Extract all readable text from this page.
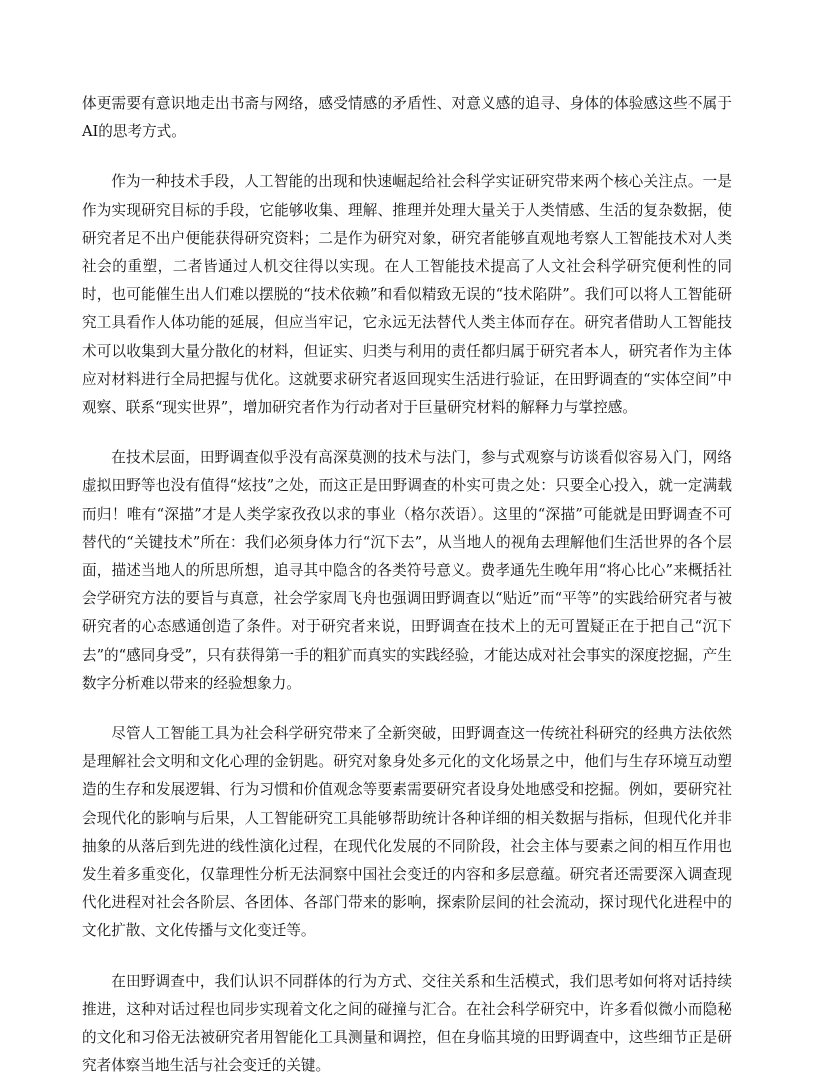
体更需要有意识地走出书斋与网络，感受情感的矛盾性、对意义感的追寻、身体的体验感这些不属于AI的思考方式。

作为一种技术手段，人工智能的出现和快速崛起给社会科学实证研究带来两个核心关注点。一是作为实现研究目标的手段，它能够收集、理解、推理并处理大量关于人类情感、生活的复杂数据，使研究者足不出户便能获得研究资料；二是作为研究对象，研究者能够直观地考察人工智能技术对人类社会的重塑，二者皆通过人机交往得以实现。在人工智能技术提高了人文社会科学研究便利性的同时，也可能催生出人们难以摆脱的“技术依赖”和看似精致无误的“技术陷阱”。我们可以将人工智能研究工具看作人体功能的延展，但应当牢记，它永远无法替代人类主体而存在。研究者借助人工智能技术可以收集到大量分散化的材料，但证实、归类与利用的责任都归属于研究者本人，研究者作为主体应对材料进行全局把握与优化。这就要求研究者返回现实生活进行验证，在田野调查的“实体空间”中观察、联系“现实世界”，增加研究者作为行动者对于巨量研究材料的解释力与掌控感。

在技术层面，田野调查似乎没有高深莫测的技术与法门，参与式观察与访谈看似容易入门，网络虚拟田野等也没有值得“炫技”之处，而这正是田野调查的朴实可贵之处：只要全心投入，就一定满载而归！唯有“深描”才是人类学家孜孜以求的事业（格尔茨语）。这里的“深描”可能就是田野调查不可替代的“关键技术”所在：我们必须身体力行“沉下去”，从当地人的视角去理解他们生活世界的各个层面，描述当地人的所思所想，追寻其中隐含的各类符号意义。费孝通先生晚年用“将心比心”来概括社会学研究方法的要旨与真意，社会学家周飞舟也强调田野调查以“贴近”而“平等”的实践给研究者与被研究者的心态感通创造了条件。对于研究者来说，田野调查在技术上的无可置疑正在于把自己“沉下去”的“感同身受”，只有获得第一手的粗犷而真实的实践经验，才能达成对社会事实的深度挖掘，产生数字分析难以带来的经验想象力。

尽管人工智能工具为社会科学研究带来了全新突破，田野调查这一传统社科研究的经典方法依然是理解社会文明和文化心理的金钥匙。研究对象身处多元化的文化场景之中，他们与生存环境互动塑造的生存和发展逻辑、行为习惯和价值观念等要素需要研究者设身处地感受和挖掘。例如，要研究社会现代化的影响与后果，人工智能研究工具能够帮助统计各种详细的相关数据与指标，但现代化并非抽象的从落后到先进的线性演化过程，在现代化发展的不同阶段，社会主体与要素之间的相互作用也发生着多重变化，仅靠理性分析无法洞察中国社会变迁的内容和多层意蕴。研究者还需要深入调查现代化进程对社会各阶层、各团体、各部门带来的影响，探索阶层间的社会流动，探讨现代化进程中的文化扩散、文化传播与文化变迁等。

在田野调查中，我们认识不同群体的行为方式、交往关系和生活模式，我们思考如何将对话持续推进，这种对话过程也同步实现着文化之间的碰撞与汇合。在社会科学研究中，许多看似微小而隐秘的文化和习俗无法被研究者用智能化工具测量和调控，但在身临其境的田野调查中，这些细节正是研究者体察当地生活与社会变迁的关键。
